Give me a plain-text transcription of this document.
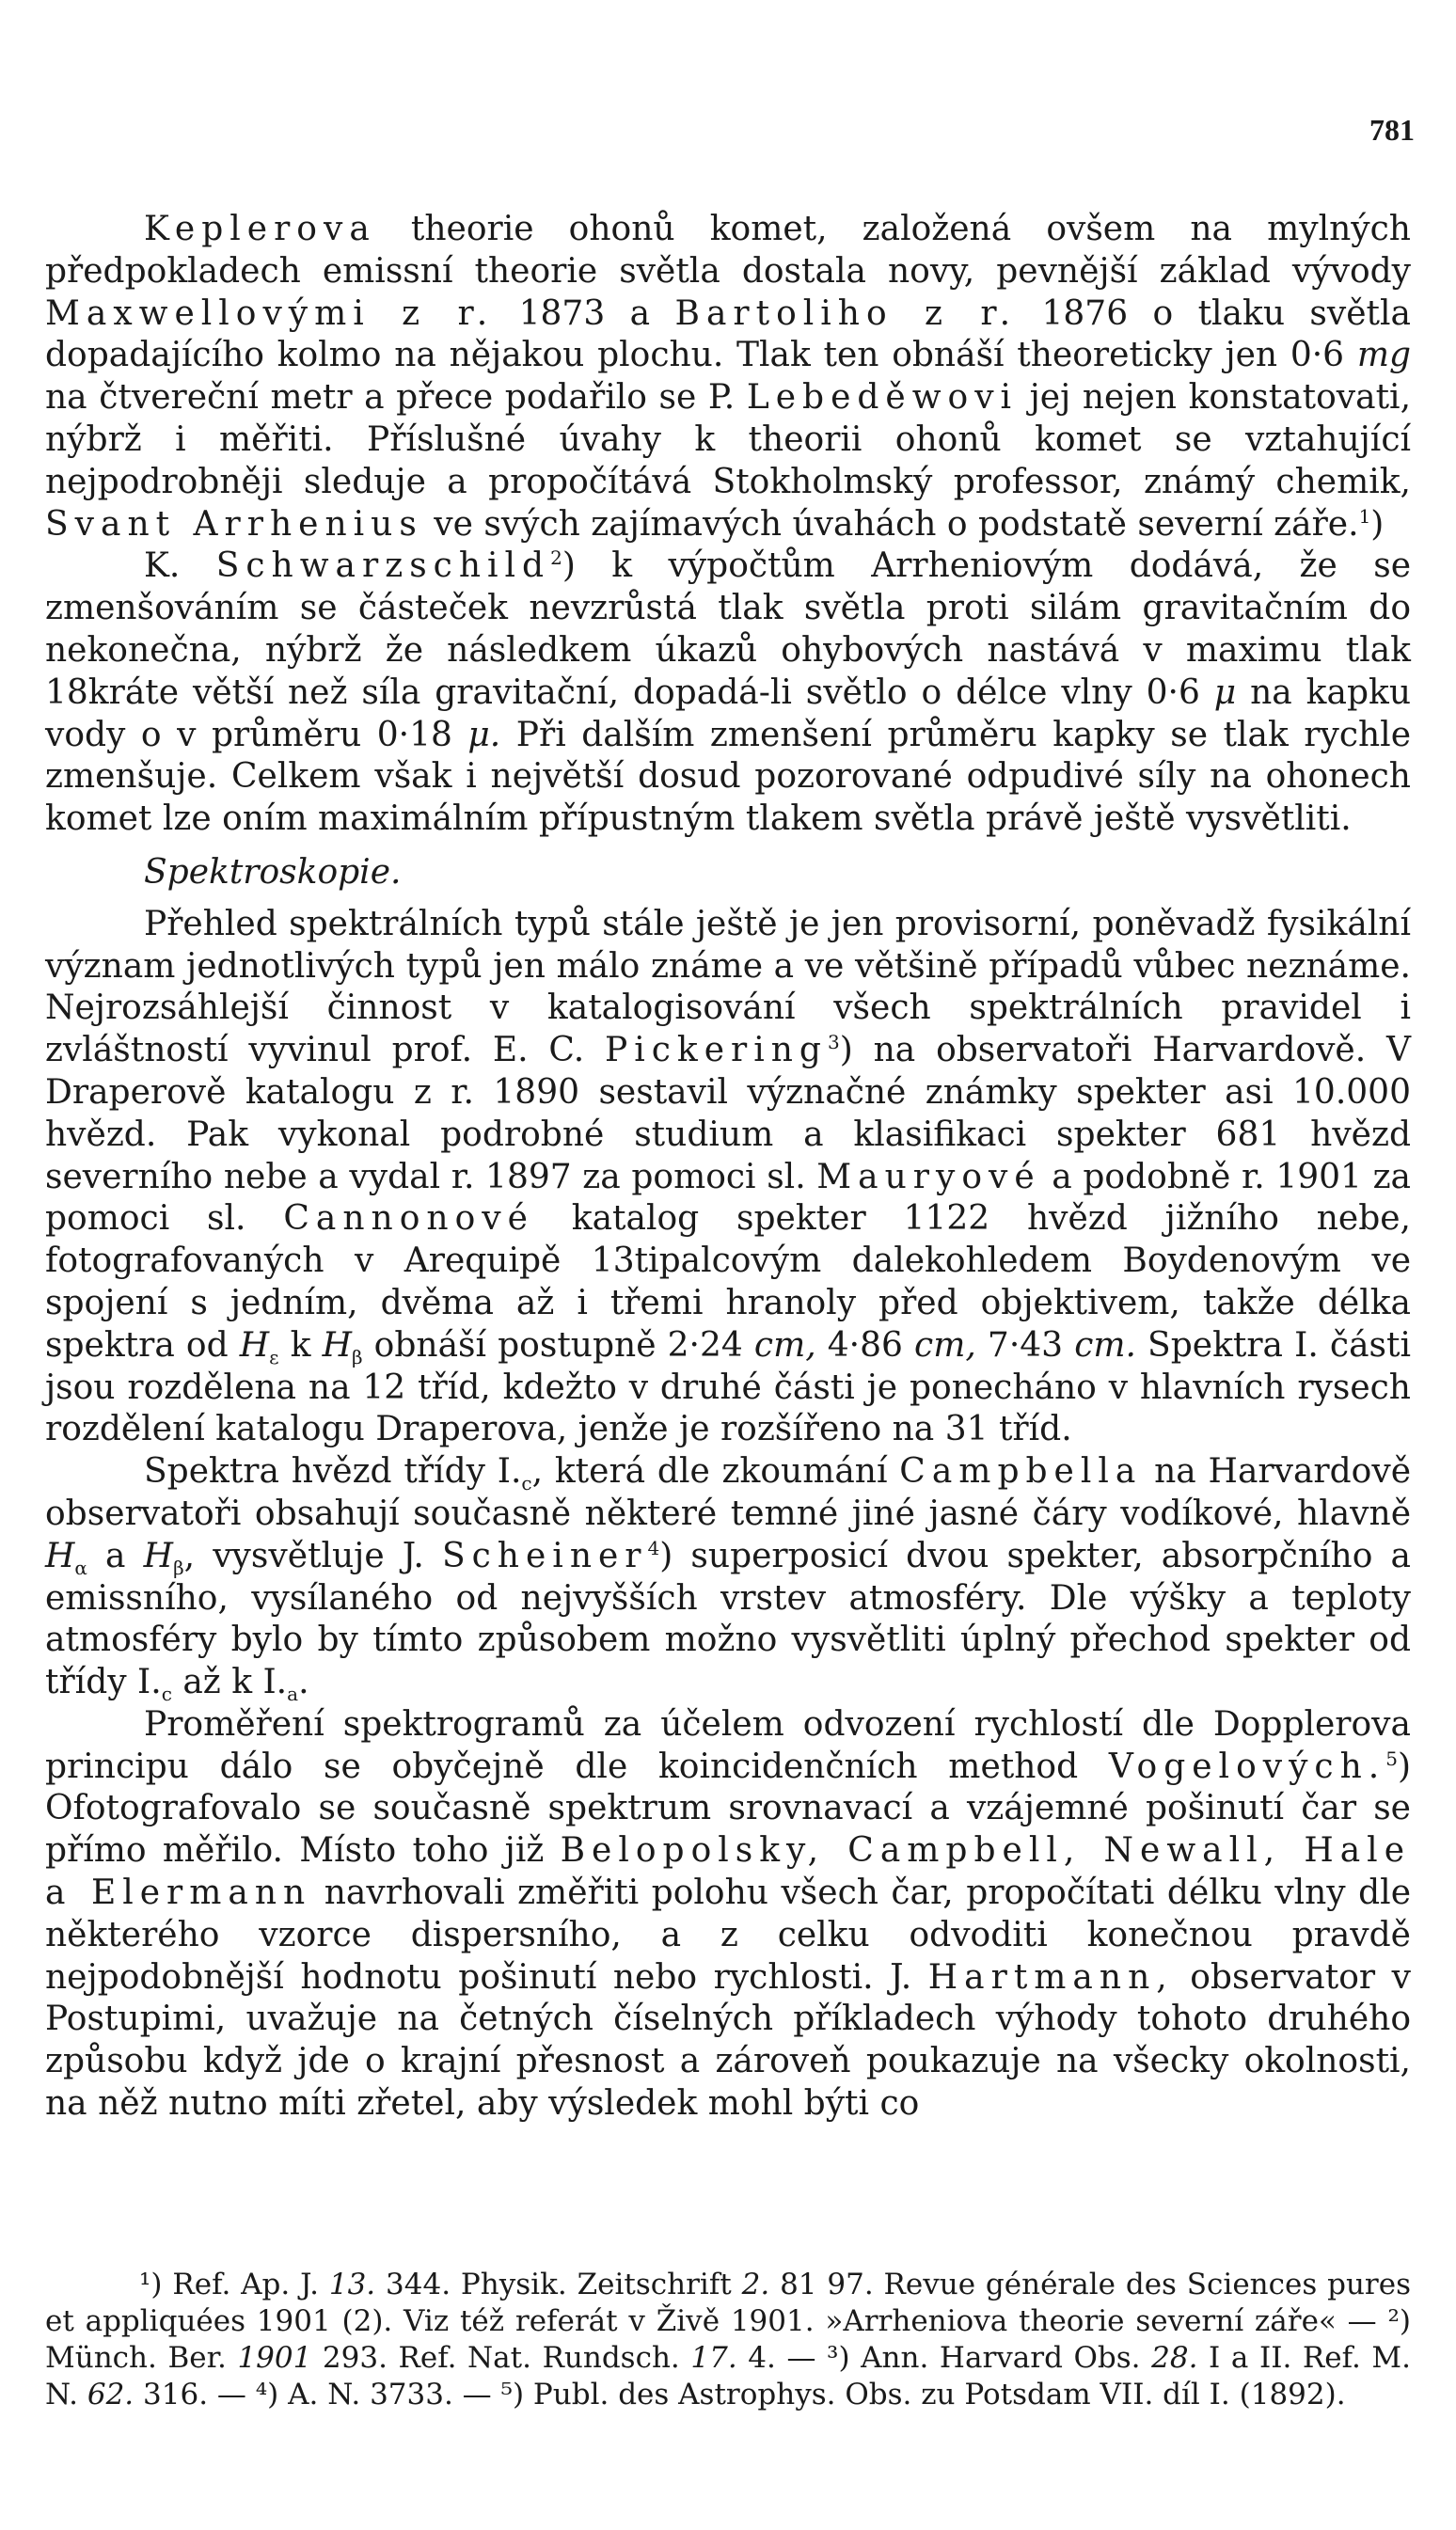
781

Keplerova theorie ohonů komet, založená ovšem na mylných předpokladech emissní theorie světla dostala novy, pevnější základ vývody Maxwellovými z r. 1873 a Bartoliho z r. 1876 o tlaku světla dopadajícího kolmo na nějakou plochu. Tlak ten obnáší theoreticky jen 0·6 mg na čtvereční metr a přece podařilo se P. Lebeděwovi jej nejen konstatovati, nýbrž i měřiti. Příslušné úvahy k theorii ohonů komet se vztahující nejpodrobněji sleduje a propočítává Stokholmský professor, známý chemik, Svant Arrhenius ve svých zajímavých úvahách o podstatě severní záře.$^1$)

K. Schwarzschild$^2$) k výpočtům Arrheniovým dodává, že se zmenšováním se částeček nevzrůstá tlak světla proti silám gravitačním do nekonečna, nýbrž že následkem úkazů ohybových nastává v maximu tlak 18kráte větší než síla gravitační, dopadá-li světlo o délce vlny 0·6 μ na kapku vody o v průměru 0·18 μ. Při dalším zmenšení průměru kapky se tlak rychle zmenšuje. Celkem však i největší dosud pozorované odpudivé síly na ohonech komet lze oním maximálním přípustným tlakem světla právě ještě vysvětliti.

Spektroskopie.

Přehled spektrálních typů stále ještě je jen provisorní, poněvadž fysikální význam jednotlivých typů jen málo známe a ve většině případů vůbec neznáme. Nejrozsáhlejší činnost v katalogisování všech spektrálních pravidel i zvláštností vyvinul prof. E. C. Pickering$^3$) na observatoři Harvardově. V Draperově katalogu z r. 1890 sestavil význačné známky spekter asi 10.000 hvězd. Pak vykonal podrobné studium a klasifikaci spekter 681 hvězd severního nebe a vydal r. 1897 za pomoci sl. Mauryové a podobně r. 1901 za pomoci sl. Cannonové katalog spekter 1122 hvězd jižního nebe, fotografovaných v Arequipě 13tipalcovým dalekohledem Boydenovým ve spojení s jedním, dvěma až i třemi hranoly před objektivem, takže délka spektra od $H_\varepsilon$ k $H_\beta$ obnáší postupně 2·24 cm, 4·86 cm, 7·43 cm. Spektra I. části jsou rozdělena na 12 tříd, kdežto v druhé části je ponecháno v hlavních rysech rozdělení katalogu Draperova, jenže je rozšířeno na 31 tříd.

Spektra hvězd třídy $I._c$, která dle zkoumání Campbella na Harvardově observatoři obsahují současně některé temné jiné jasné čáry vodíkové, hlavně $H_\alpha$ a $H_\beta$, vysvětluje J. Scheiner$^4$) superposicí dvou spekter, absorpčního a emissního, vysílaného od nejvyšších vrstev atmosféry. Dle výšky a teploty atmosféry bylo by tímto způsobem možno vysvětliti úplný přechod spekter od třídy $I._c$ až k $I._a$.

Proměření spektrogramů za účelem odvození rychlostí dle Dopplerova principu dálo se obyčejně dle koincidenčních method Vogelových.$^5$) Ofotografovalo se současně spektrum srovnavací a vzájemné pošinutí čar se přímo měřilo. Místo toho již Belopolsky, Campbell, Newall, Hale a Elermann navrhovali změřiti polohu všech čar, propočítati délku vlny dle některého vzorce dispersního, a z celku odvoditi konečnou pravdě nejpodobnější hodnotu pošinutí nebo rychlosti. J. Hartmann, observator v Postupimi, uvažuje na četných číselných příkladech výhody tohoto druhého způsobu když jde o krajní přesnost a zároveň poukazuje na všecky okolnosti, na něž nutno míti zřetel, aby výsledek mohl býti co

¹) Ref. Ap. J. 13. 344. Physik. Zeitschrift 2. 81 97. Revue générale des Sciences pures et appliquées 1901 (2). Viz též referát v Živě 1901. »Arrheniova theorie severní záře« — ²) Münch. Ber. 1901 293. Ref. Nat. Rundsch. 17. 4. — ³) Ann. Harvard Obs. 28. I a II. Ref. M. N. 62. 316. — ⁴) A. N. 3733. — ⁵) Publ. des Astrophys. Obs. zu Potsdam VII. díl I. (1892).
